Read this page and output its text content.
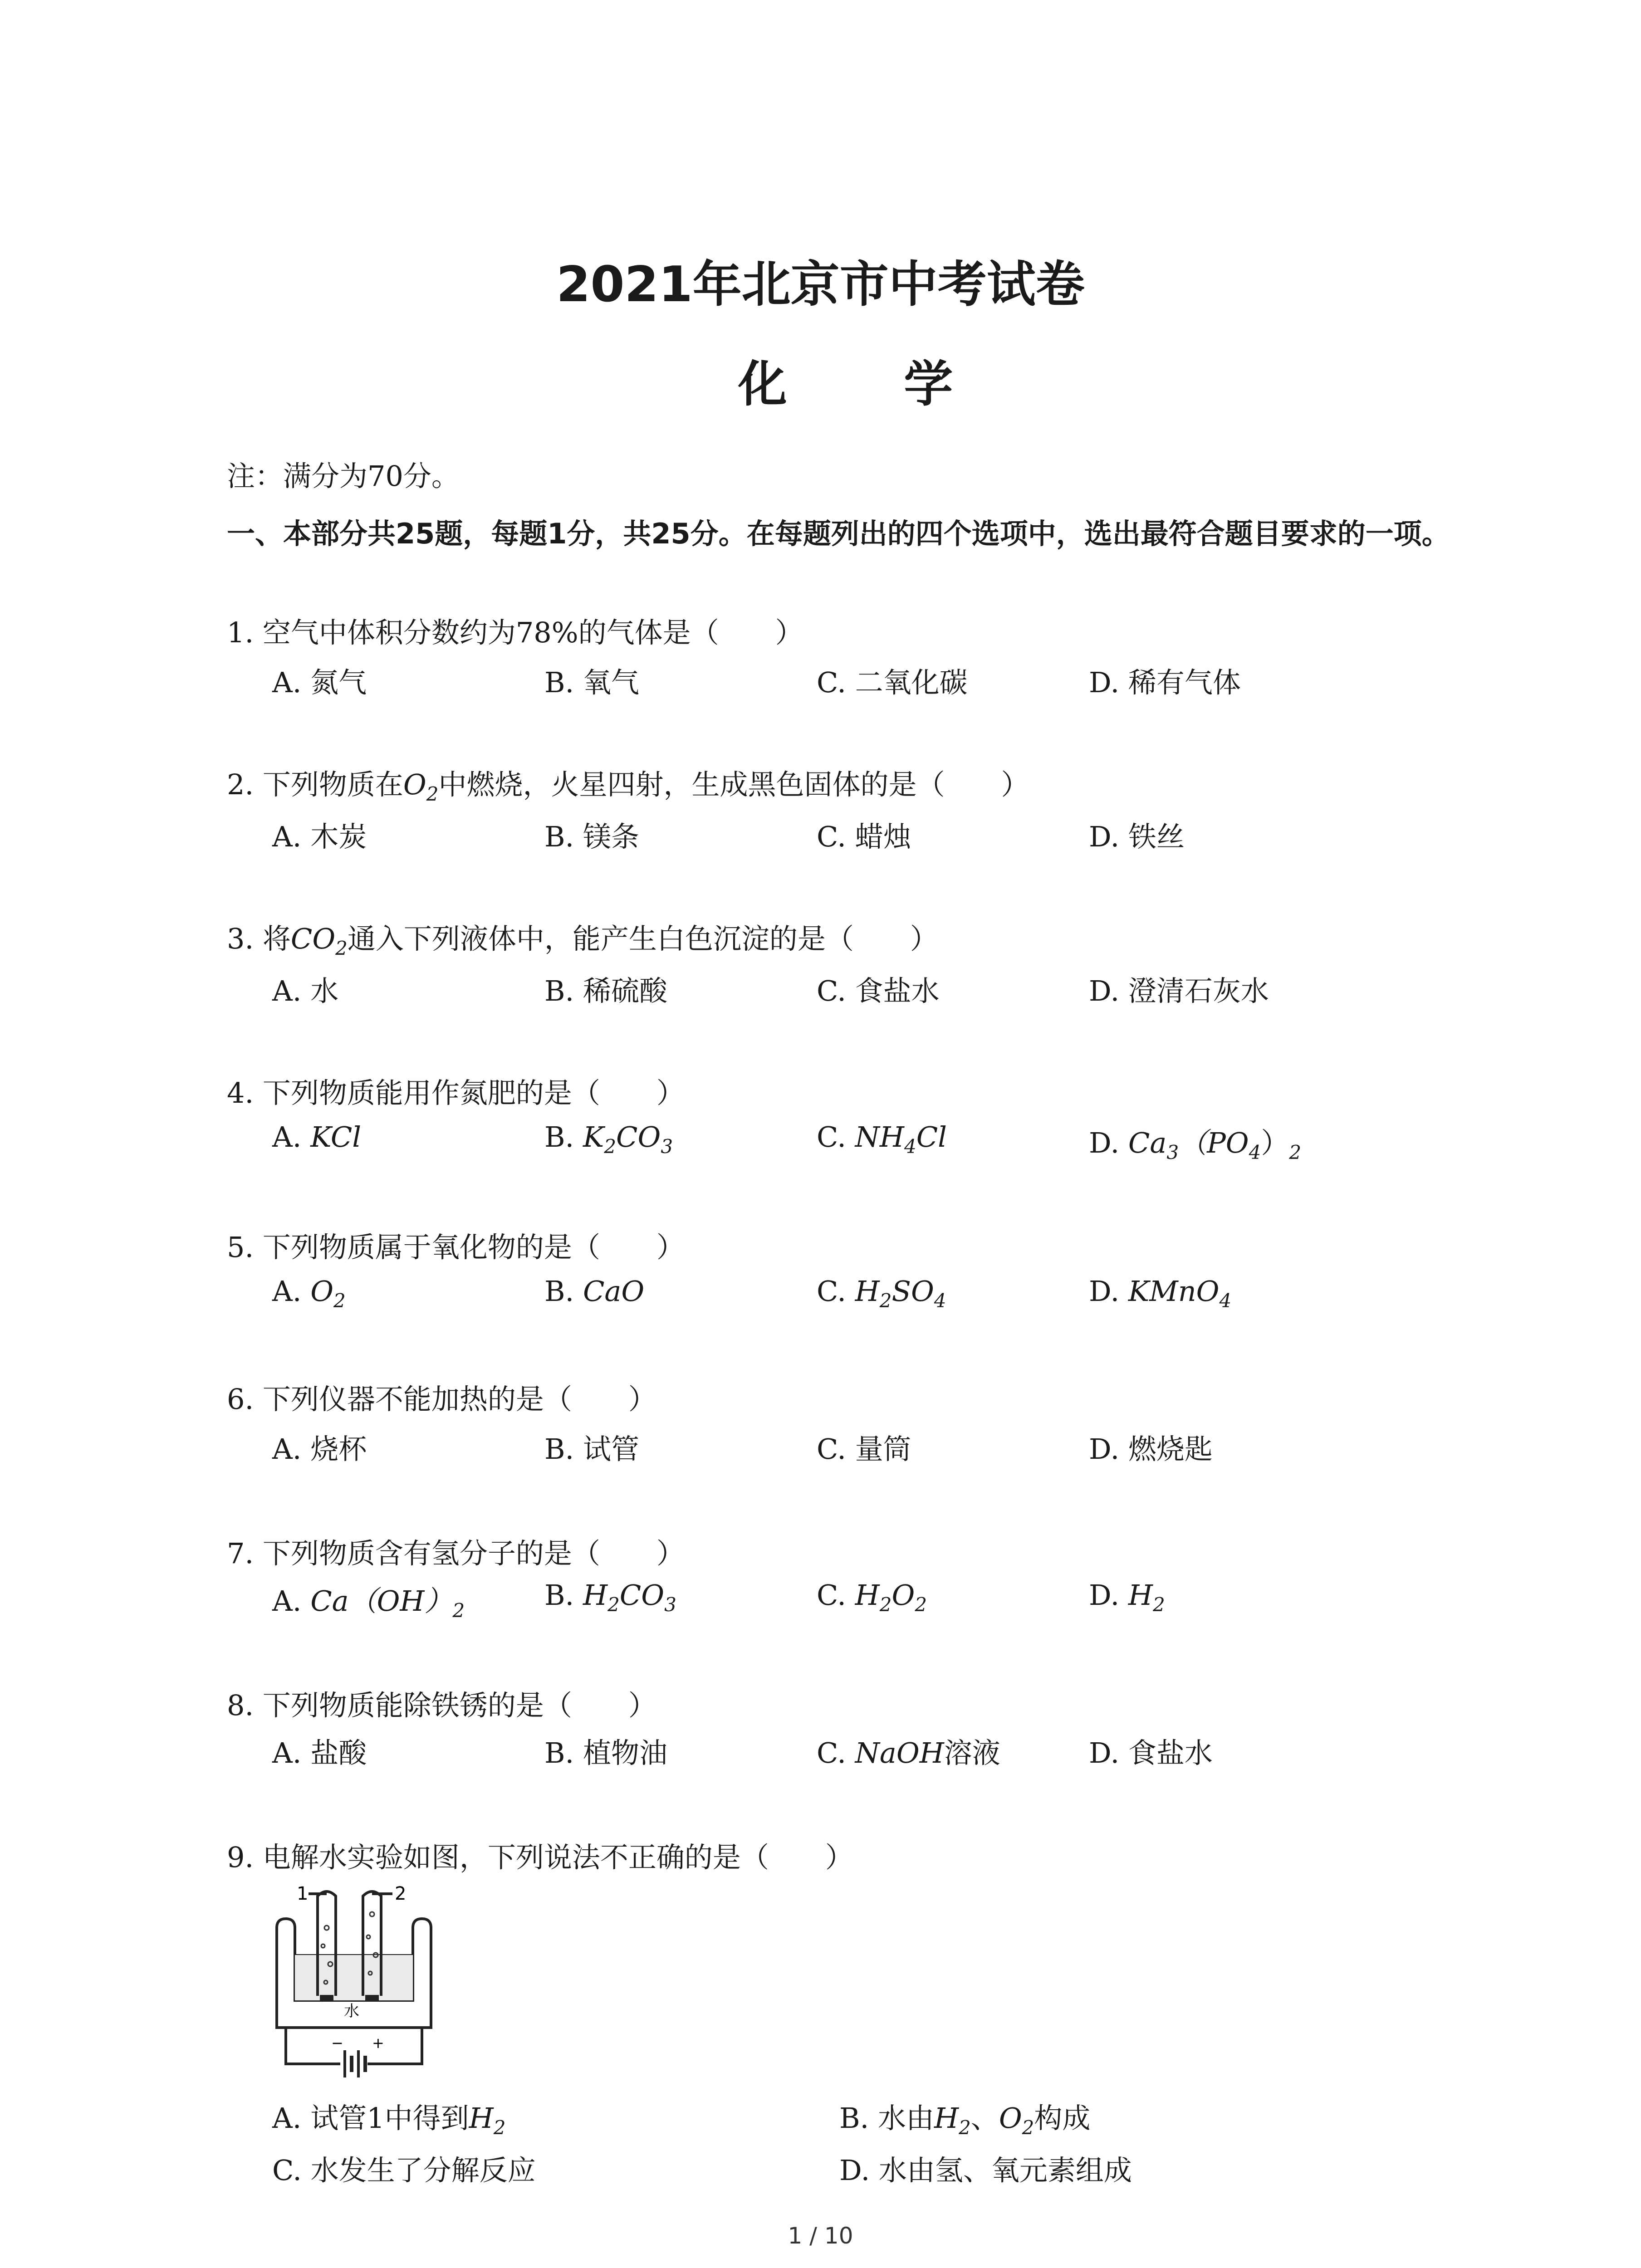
2021年北京市中考试卷
化 学
注：满分为70分。
一、本部分共25题，每题1分，共25分。在每题列出的四个选项中，选出最符合题目要求的一项。
1. 空气中体积分数约为78%的气体是（　　）
A. 氮气	B. 氧气	C. 二氧化碳	D. 稀有气体
2. 下列物质在$O_2$中燃烧，火星四射，生成黑色固体的是（　　）
A. 木炭	B. 镁条	C. 蜡烛	D. 铁丝
3. 将$CO_2$通入下列液体中，能产生白色沉淀的是（　　）
A. 水	B. 稀硫酸	C. 食盐水	D. 澄清石灰水
4. 下列物质能用作氮肥的是（　　）
A. KCl	B. $K_2CO_3$	C. $NH_4Cl$	D. $Ca_3(PO_4)_2$
5. 下列物质属于氧化物的是（　　）
A. $O_2$	B. CaO	C. $H_2SO_4$	D. KMnO$_4$
6. 下列仪器不能加热的是（　　）
A. 烧杯	B. 试管	C. 量筒	D. 燃烧匙
7. 下列物质含有氢分子的是（　　）
A. $Ca(OH)_2$	B. $H_2CO_3$	C. $H_2O_2$	D. $H_2$
8. 下列物质能除铁锈的是（　　）
A. 盐酸	B. 植物油	C. NaOH溶液	D. 食盐水
9. 电解水实验如图，下列说法不正确的是（　　）
1	2
水
− +
A. 试管1中得到$H_2$	B. 水由$H_2$、$O_2$构成
C. 水发生了分解反应	D. 水由氢、氧元素组成
1 / 10
